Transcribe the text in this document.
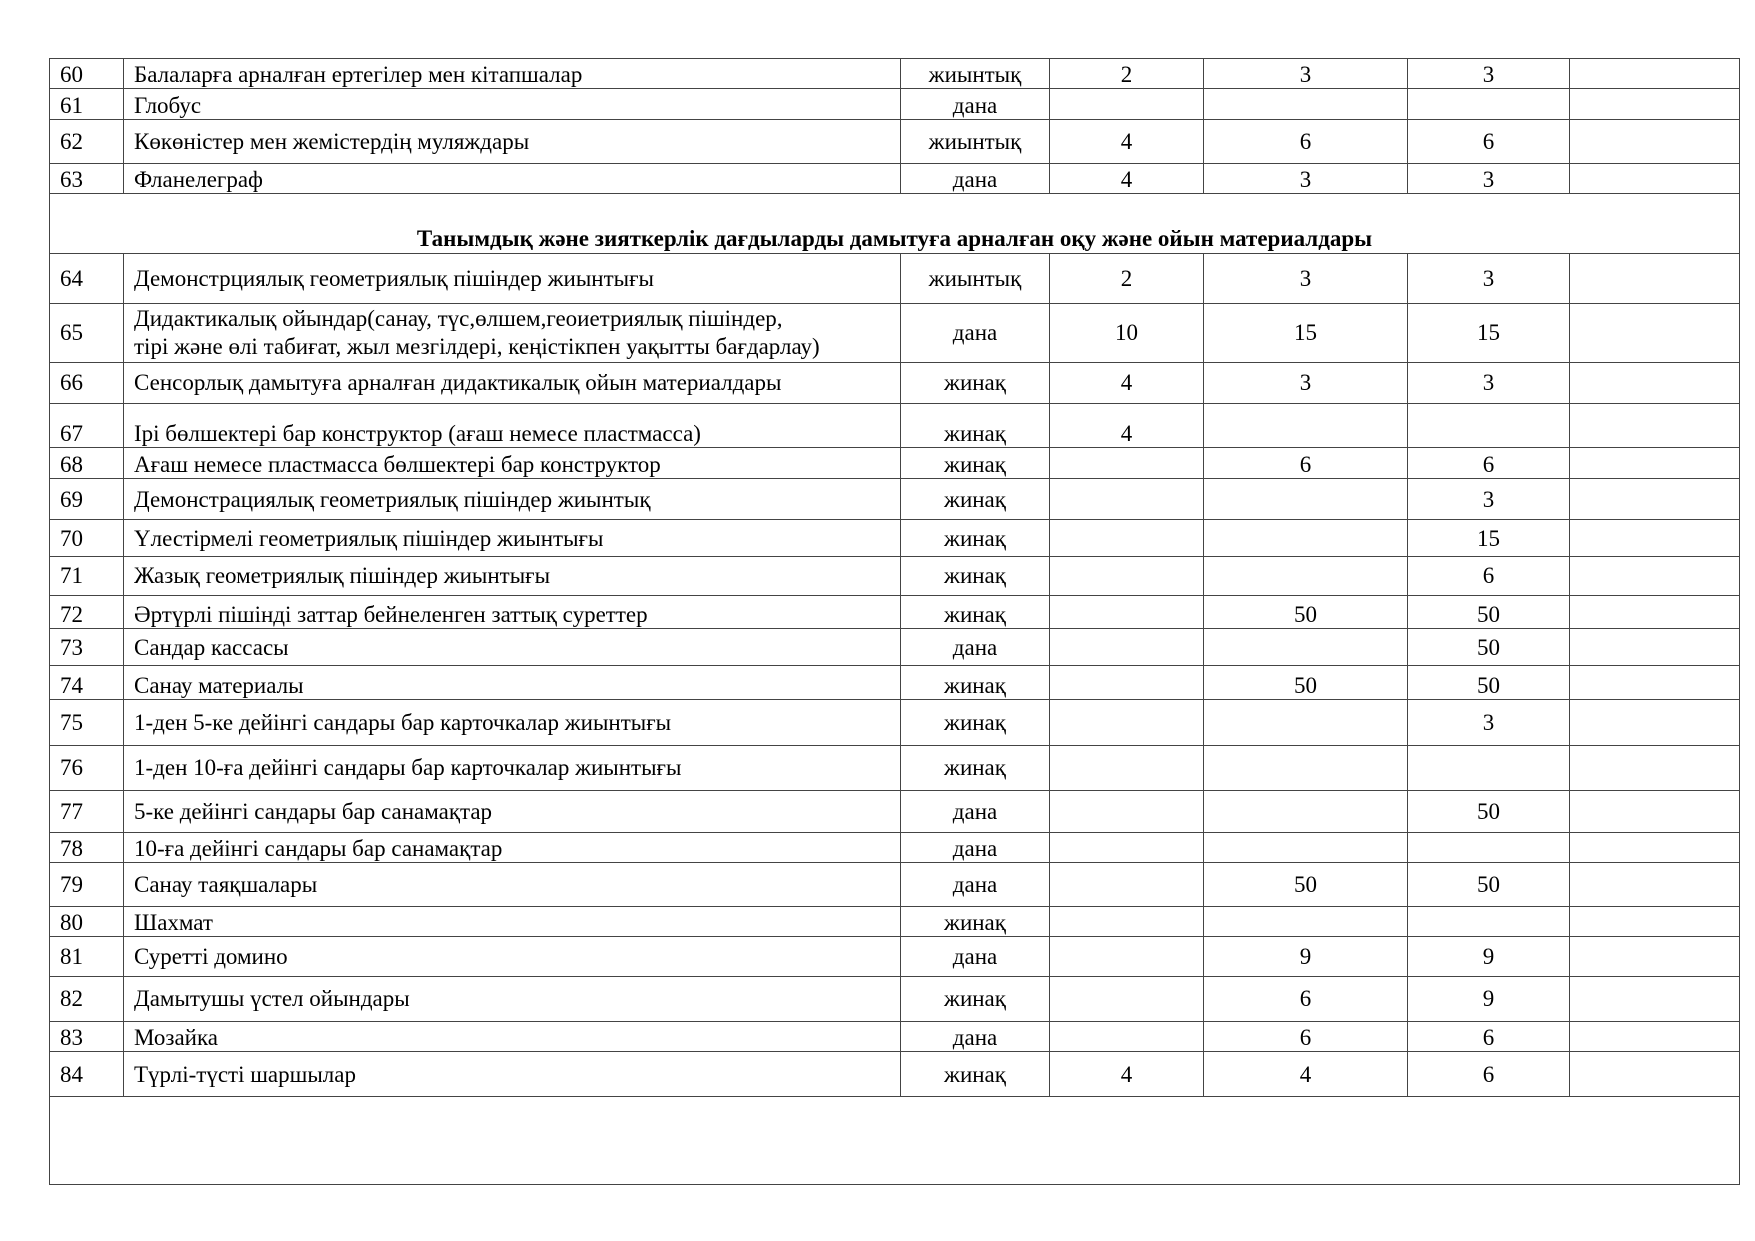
60	Балаларға арналған ертегілер мен кітапшалар	жиынтық	2	3	3	
61	Глобус	дана				
62	Көкөністер мен жемістердің муляждары	жиынтық	4	6	6	
63	Фланелеграф	дана	4	3	3	
Танымдық және зияткерлік дағдыларды дамытуға арналған оқу және ойын материалдары						
64	Демонстрциялық геометриялық пішіндер жиынтығы	жиынтық	2	3	3	
65	Дидактикалық ойындар(санау, түс,өлшем,геоиетриялық пішіндер,
тірі және өлі табиғат, жыл мезгілдері, кеңістікпен уақытты бағдарлау)	дана	10	15	15	
66	Сенсорлық дамытуға арналған дидактикалық ойын материалдары	жинақ	4	3	3	
67	Ірі бөлшектері бар конструктор (ағаш немесе пластмасса)	жинақ	4			
68	Ағаш немесе пластмасса бөлшектері бар конструктор	жинақ		6	6	
69	Демонстрациялық геометриялық пішіндер жиынтық	жинақ			3	
70	Үлестірмелі геометриялық пішіндер жиынтығы	жинақ			15	
71	Жазық геометриялық пішіндер жиынтығы	жинақ			6	
72	Әртүрлі пішінді заттар бейнеленген заттық суреттер	жинақ		50	50	
73	Сандар кассасы	дана			50	
74	Санау материалы	жинақ		50	50	
75	1-ден 5-ке дейінгі сандары бар карточкалар жиынтығы	жинақ			3	
76	1-ден 10-ға дейінгі сандары бар карточкалар жиынтығы	жинақ				
77	5-ке дейінгі сандары бар санамақтар	дана			50	
78	10-ға дейінгі сандары бар санамақтар	дана				
79	Санау таяқшалары	дана		50	50	
80	Шахмат	жинақ				
81	Суретті домино	дана		9	9	
82	Дамытушы үстел ойындары	жинақ		6	9	
83	Мозайка	дана		6	6	
84	Түрлі-түсті шаршылар	жинақ	4	4	6	
